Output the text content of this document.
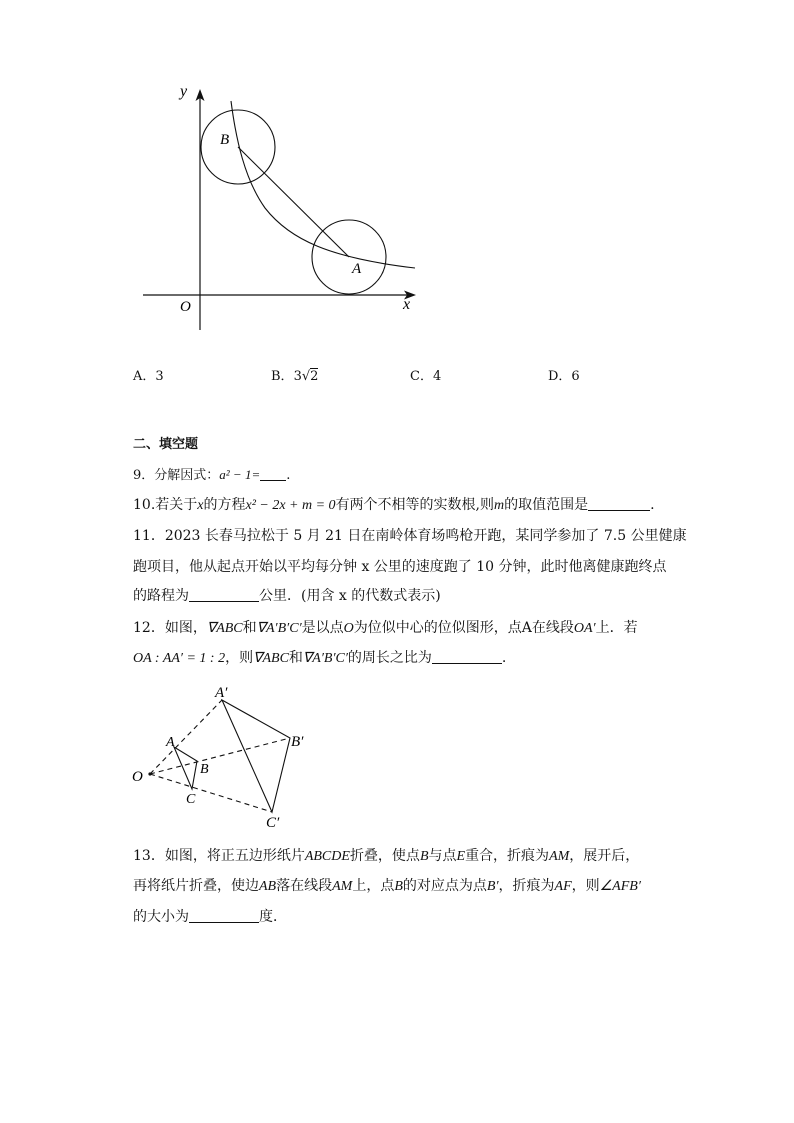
y
x
O
B
A
A．3	B．3√2	C．4	D．6
二、填空题
9．分解因式：a² − 1= .
10.若关于x的方程x² − 2x + m = 0有两个不相等的实数根,则m的取值范围是	.
11．2023 长春马拉松于 5 月 21 日在南岭体育场鸣枪开跑，某同学参加了 7.5 公里健康
跑项目，他从起点开始以平均每分钟 x 公里的速度跑了 10 分钟，此时他离健康跑终点
的路程为	公里．(用含 x 的代数式表示)
12．如图，∇ABC和∇A′B′C′是以点O为位似中心的位似图形，点A在线段OA′上．若
OA : AA′ = 1 : 2，则∇ABC和∇A′B′C′的周长之比为	.
O
A
B
C
A′
B′
C′
13．如图，将正五边形纸片ABCDE折叠，使点B与点E重合，折痕为AM，展开后，
再将纸片折叠，使边AB落在线段AM上，点B的对应点为点B′，折痕为AF，则∠AFB′
的大小为	度．
